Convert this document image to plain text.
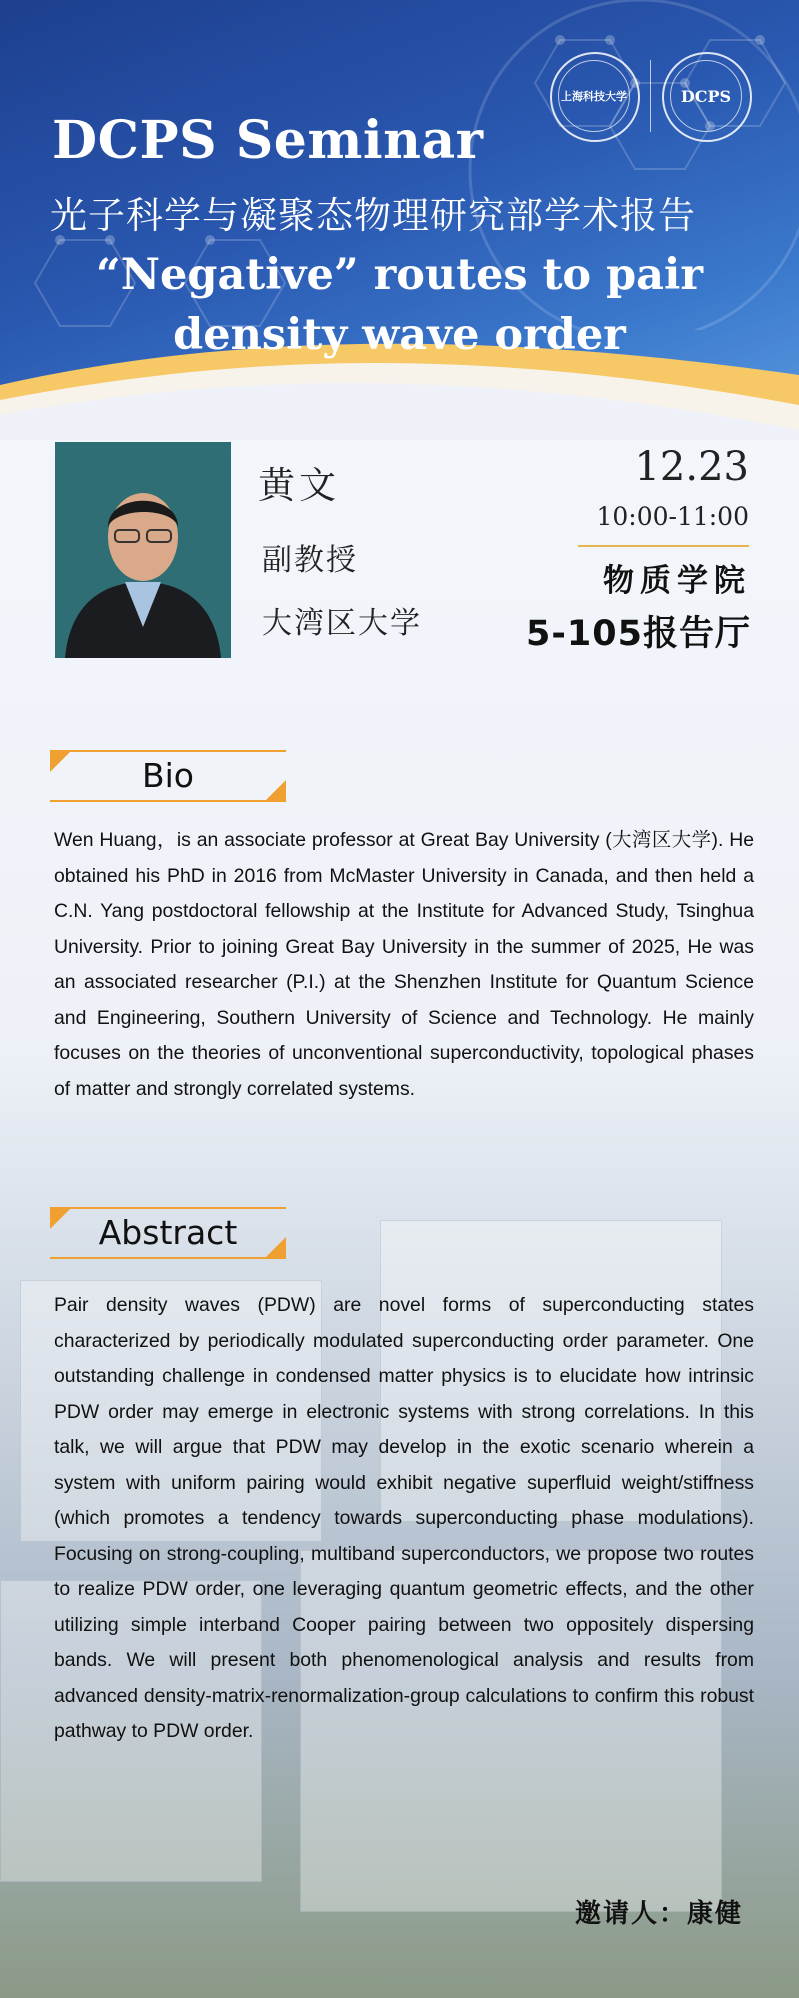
上海科技大学	DCPS
DCPS Seminar
光子科学与凝聚态物理研究部学术报告
“Negative” routes to pair
density wave order
黄文
副教授
大湾区大学
12.23
10:00-11:00
物质学院
5-105报告厅
Bio
Wen Huang，is an associate professor at Great Bay University (大湾区大学). He obtained his PhD in 2016 from McMaster University in Canada, and then held a C.N. Yang postdoctoral fellowship at the Institute for Advanced Study, Tsinghua University. Prior to joining Great Bay University in the summer of 2025, He was an associated researcher (P.I.) at the Shenzhen Institute for Quantum Science and Engineering, Southern University of Science and Technology. He mainly focuses on the theories of unconventional superconductivity, topological phases of matter and strongly correlated systems.
Abstract
Pair density waves (PDW) are novel forms of superconducting states characterized by periodically modulated superconducting order parameter. One outstanding challenge in condensed matter physics is to elucidate how intrinsic PDW order may emerge in electronic systems with strong correlations. In this talk, we will argue that PDW may develop in the exotic scenario wherein a system with uniform pairing would exhibit negative superfluid weight/stiffness (which promotes a tendency towards superconducting phase modulations). Focusing on strong-coupling, multiband superconductors, we propose two routes to realize PDW order, one leveraging quantum geometric effects, and the other utilizing simple interband Cooper pairing between two oppositely dispersing bands. We will present both phenomenological analysis and results from advanced density-matrix-renormalization-group calculations to confirm this robust pathway to PDW order.
邀请人：康健
